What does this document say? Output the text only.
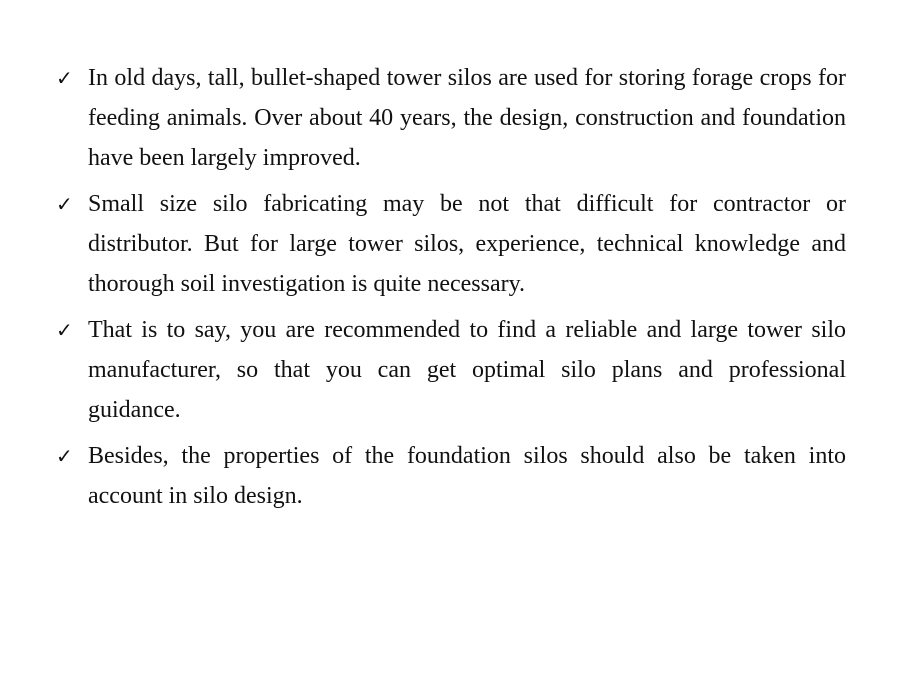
✓ In old days, tall, bullet-shaped tower silos are used for storing forage crops for feeding animals. Over about 40 years, the design, construction and foundation have been largely improved.
✓ Small size silo fabricating may be not that difficult for contractor or distributor. But for large tower silos, experience, technical knowledge and thorough soil investigation is quite necessary.
✓ That is to say, you are recommended to find a reliable and large tower silo manufacturer, so that you can get optimal silo plans and professional guidance.
✓ Besides, the properties of the foundation silos should also be taken into account in silo design.
